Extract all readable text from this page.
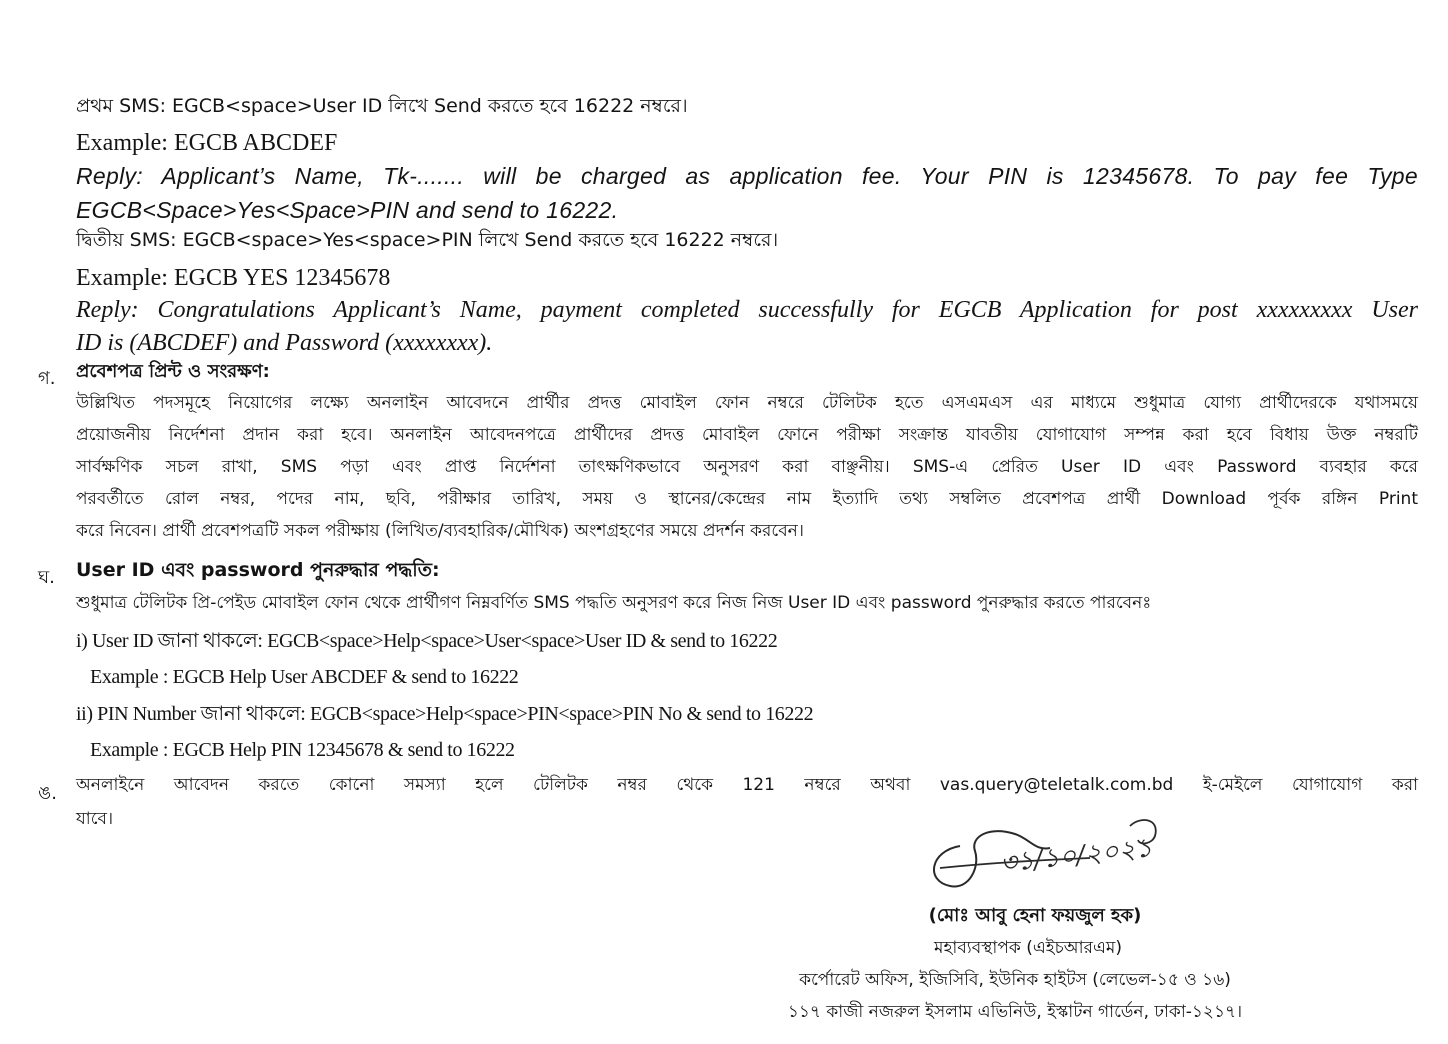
প্রথম SMS: EGCB<space>User ID লিখে Send করতে হবে 16222 নম্বরে।
Example: EGCB ABCDEF
Reply: Applicant’s Name, Tk-....... will be charged as application fee. Your PIN is 12345678. To pay fee Type
EGCB<Space>Yes<Space>PIN and send to 16222.
দ্বিতীয় SMS: EGCB<space>Yes<space>PIN লিখে Send করতে হবে 16222 নম্বরে।
Example: EGCB YES 12345678
Reply: Congratulations Applicant’s Name, payment completed successfully for EGCB Application for post xxxxxxxxx User
ID is (ABCDEF) and Password (xxxxxxxx).
গ. প্রবেশপত্র প্রিন্ট ও সংরক্ষণ:
উল্লিখিত পদসমূহে নিয়োগের লক্ষ্যে অনলাইন আবেদনে প্রার্থীর প্রদত্ত মোবাইল ফোন নম্বরে টেলিটক হতে এসএমএস এর মাধ্যমে শুধুমাত্র যোগ্য প্রার্থীদেরকে যথাসময়ে
প্রয়োজনীয় নির্দেশনা প্রদান করা হবে। অনলাইন আবেদনপত্রে প্রার্থীদের প্রদত্ত মোবাইল ফোনে পরীক্ষা সংক্রান্ত যাবতীয় যোগাযোগ সম্পন্ন করা হবে বিধায় উক্ত নম্বরটি
সার্বক্ষণিক সচল রাখা, SMS পড়া এবং প্রাপ্ত নির্দেশনা তাৎক্ষণিকভাবে অনুসরণ করা বাঞ্ছনীয়। SMS-এ প্রেরিত User ID এবং Password ব্যবহার করে
পরবর্তীতে রোল নম্বর, পদের নাম, ছবি, পরীক্ষার তারিখ, সময় ও স্থানের/কেন্দ্রের নাম ইত্যাদি তথ্য সম্বলিত প্রবেশপত্র প্রার্থী Download পূর্বক রঙ্গিন Print
করে নিবেন। প্রার্থী প্রবেশপত্রটি সকল পরীক্ষায় (লিখিত/ব্যবহারিক/মৌখিক) অংশগ্রহণের সময়ে প্রদর্শন করবেন।
ঘ. User ID এবং password পুনরুদ্ধার পদ্ধতি:
শুধুমাত্র টেলিটক প্রি-পেইড মোবাইল ফোন থেকে প্রার্থীগণ নিম্নবর্ণিত SMS পদ্ধতি অনুসরণ করে নিজ নিজ User ID এবং password পুনরুদ্ধার করতে পারবেনঃ
i) User ID জানা থাকলে: EGCB<space>Help<space>User<space>User ID & send to 16222
Example : EGCB Help User ABCDEF & send to 16222
ii) PIN Number জানা থাকলে: EGCB<space>Help<space>PIN<space>PIN No & send to 16222
Example : EGCB Help PIN 12345678 & send to 16222
ঙ. অনলাইনে আবেদন করতে কোনো সমস্যা হলে টেলিটক নম্বর থেকে 121 নম্বরে অথবা vas.query@teletalk.com.bd ই-মেইলে যোগাযোগ করা
যাবে।
৩১/১০/২০২১
(মোঃ আবু হেনা ফয়জুল হক)
মহাব্যবস্থাপক (এইচআরএম)
কর্পোরেট অফিস, ইজিসিবি, ইউনিক হাইটস (লেভেল-১৫ ও ১৬)
১১৭ কাজী নজরুল ইসলাম এভিনিউ, ইস্কাটন গার্ডেন, ঢাকা-১২১৭।
